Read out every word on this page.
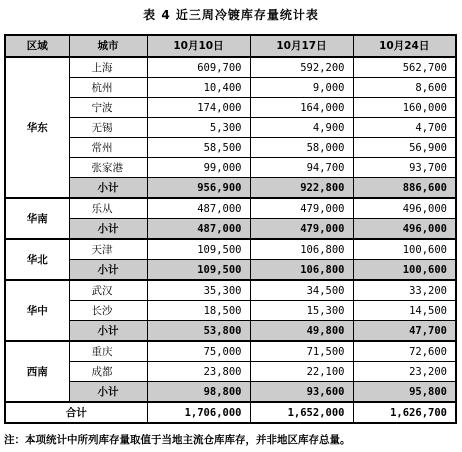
表 4 近三周冷镀库存量统计表
区域	城市	10月10日	10月17日	10月24日
华东	上海	609,700	592,200	562,700
	杭州	10,400	9,000	8,600
	宁波	174,000	164,000	160,000
	无锡	5,300	4,900	4,700
	常州	58,500	58,000	56,900
	张家港	99,000	94,700	93,700
	小计	956,900	922,800	886,600
华南	乐从	487,000	479,000	496,000
	小计	487,000	479,000	496,000
华北	天津	109,500	106,800	100,600
	小计	109,500	106,800	100,600
华中	武汉	35,300	34,500	33,200
	长沙	18,500	15,300	14,500
	小计	53,800	49,800	47,700
西南	重庆	75,000	71,500	72,600
	成都	23,800	22,100	23,200
	小计	98,800	93,600	95,800
合计		1,706,000	1,652,000	1,626,700
注：本项统计中所列库存量取值于当地主流仓库库存，并非地区库存总量。
